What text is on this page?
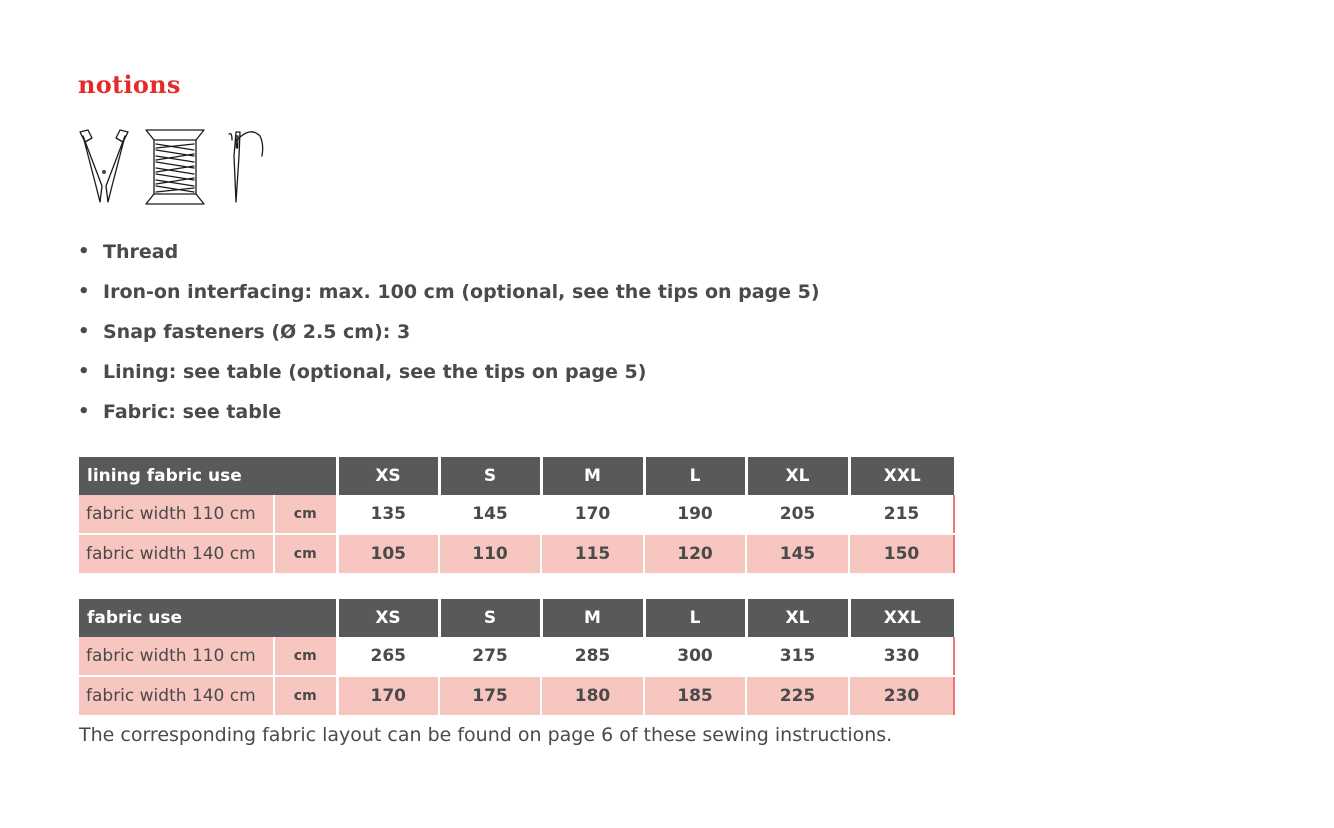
notions
• Thread
• Iron-on interfacing: max. 100 cm (optional, see the tips on page 5)
• Snap fasteners (Ø 2.5 cm): 3
• Lining: see table (optional, see the tips on page 5)
• Fabric: see table
lining fabric use		XS	S	M	L	XL	XXL
fabric width 110 cm	cm	135	145	170	190	205	215
fabric width 140 cm	cm	105	110	115	120	145	150
fabric use		XS	S	M	L	XL	XXL
fabric width 110 cm	cm	265	275	285	300	315	330
fabric width 140 cm	cm	170	175	180	185	225	230
The corresponding fabric layout can be found on page 6 of these sewing instructions.
